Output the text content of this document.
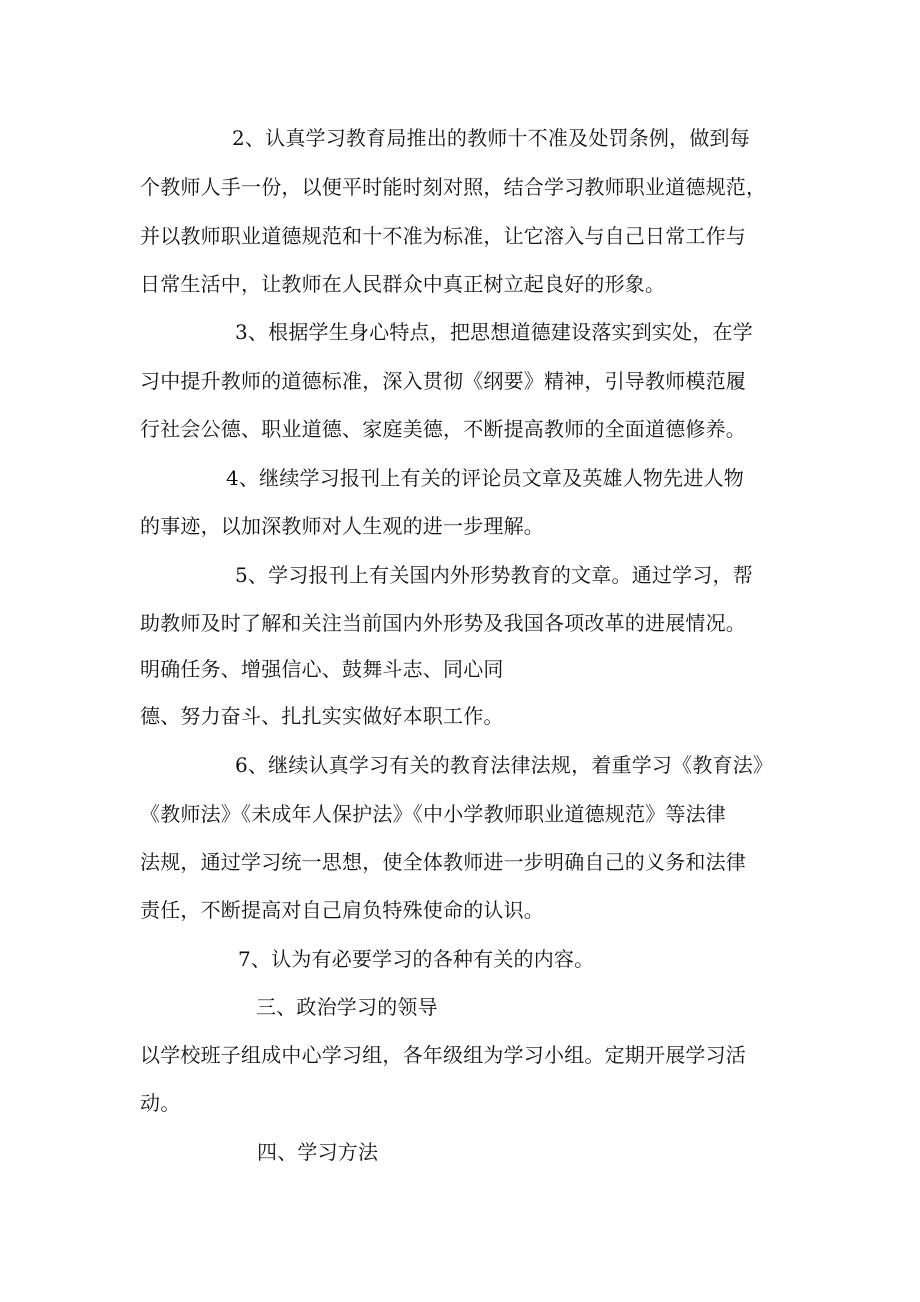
2、认真学习教育局推出的教师十不准及处罚条例，做到每
个教师人手一份，以便平时能时刻对照，结合学习教师职业道德规范，
并以教师职业道德规范和十不准为标准，让它溶入与自己日常工作与
日常生活中，让教师在人民群众中真正树立起良好的形象。
3、根据学生身心特点，把思想道德建设落实到实处，在学
习中提升教师的道德标准，深入贯彻《纲要》精神，引导教师模范履
行社会公德、职业道德、家庭美德，不断提高教师的全面道德修养。
4、继续学习报刊上有关的评论员文章及英雄人物先进人物
的事迹，以加深教师对人生观的进一步理解。
5、学习报刊上有关国内外形势教育的文章。通过学习，帮
助教师及时了解和关注当前国内外形势及我国各项改革的进展情况。
明确任务、增强信心、鼓舞斗志、同心同
德、努力奋斗、扎扎实实做好本职工作。
6、继续认真学习有关的教育法律法规，着重学习《教育法》
《教师法》《未成年人保护法》《中小学教师职业道德规范》等法律
法规，通过学习统一思想，使全体教师进一步明确自己的义务和法律
责任，不断提高对自己肩负特殊使命的认识。
7、认为有必要学习的各种有关的内容。
三、政治学习的领导
以学校班子组成中心学习组，各年级组为学习小组。定期开展学习活
动。
四、学习方法
